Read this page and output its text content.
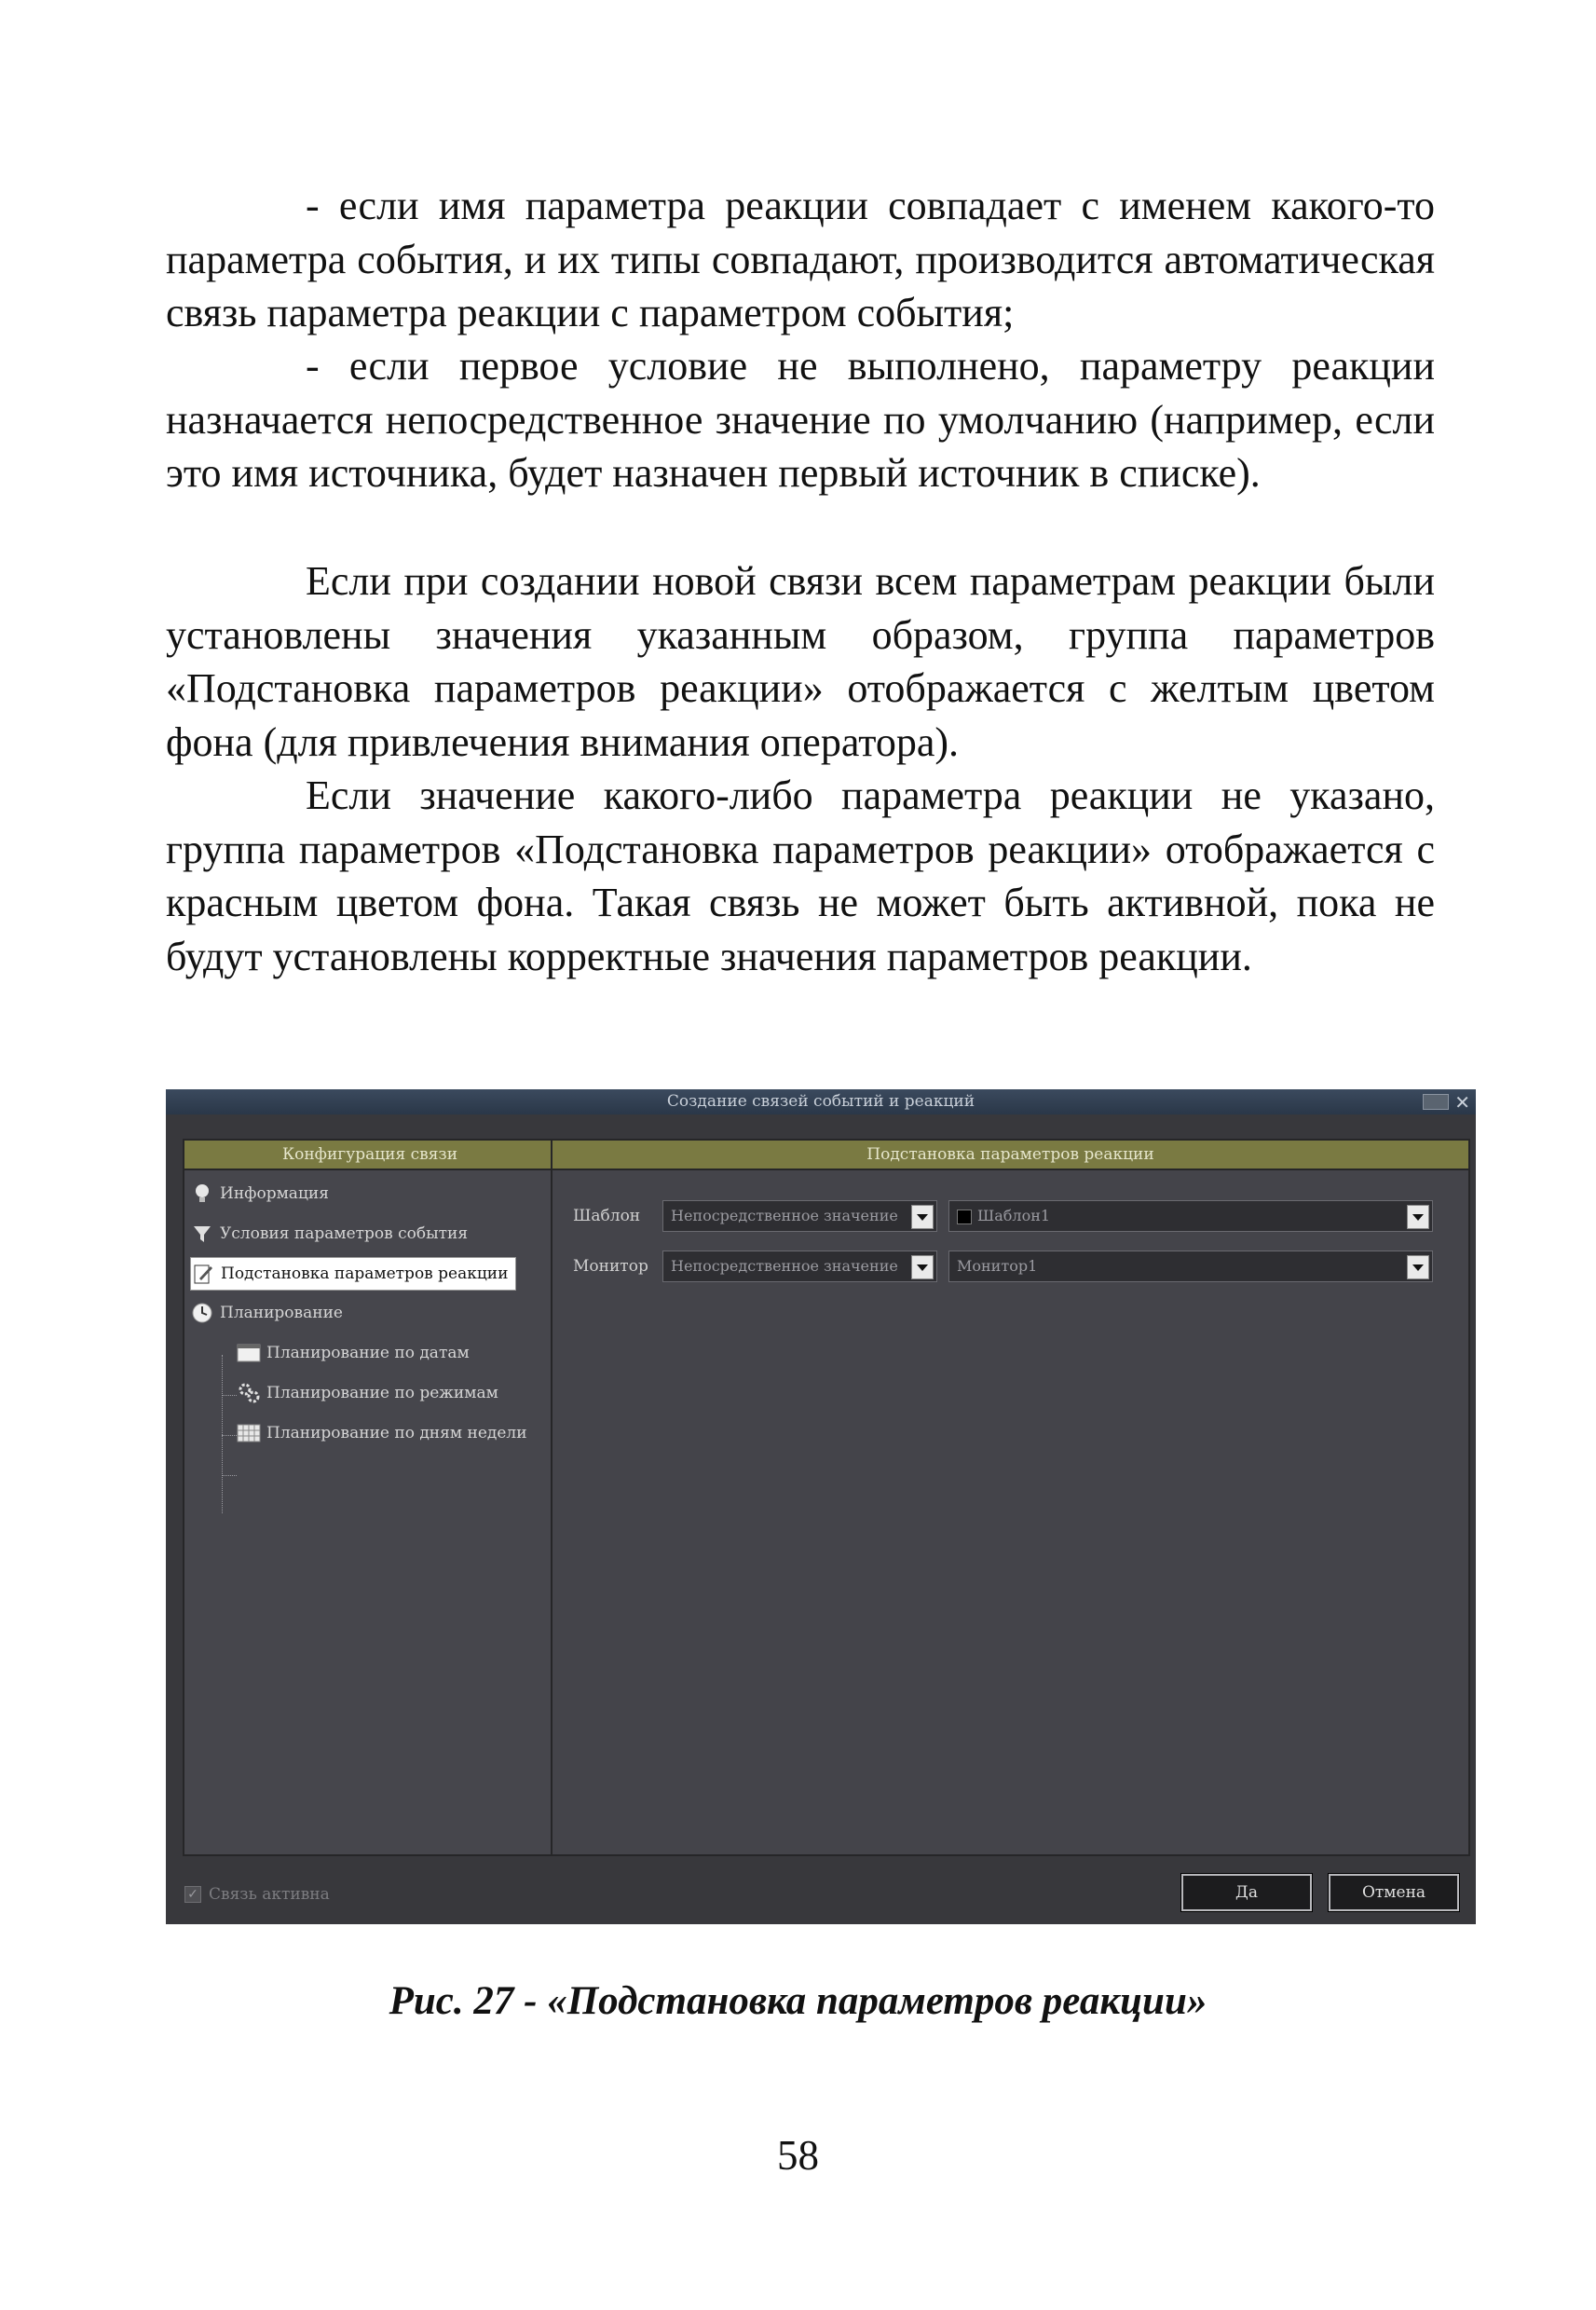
- если имя параметра реакции совпадает с именем какого-то параметра события, и их типы совпадают, производится автоматическая связь параметра реакции с параметром события;

- если первое условие не выполнено, параметру реакции назначается непосредственное значение по умолчанию (например, если это имя источника, будет назначен первый источник в списке).

Если при создании новой связи всем параметрам реакции были установлены значения указанным образом, группа параметров «Подстановка параметров реакции» отображается с желтым цветом фона (для привлечения внимания оператора).

Если значение какого-либо параметра реакции не указано, группа параметров «Подстановка параметров реакции» отображается с красным цветом фона. Такая связь не может быть активной, пока не будут установлены корректные значения параметров реакции.

Создание связей событий и реакций	✕
Конфигурация связи
Информация
Условия параметров события
Подстановка параметров реакции
Планирование
Планирование по датам
Планирование по режимам
Планирование по дням недели
Подстановка параметров реакции
Шаблон	Непосредственное значение	Шаблон1
Монитор	Непосредственное значение	Монитор1
✓ Связь активна	Да	Отмена
Рис. 27 - «Подстановка параметров реакции»
58
